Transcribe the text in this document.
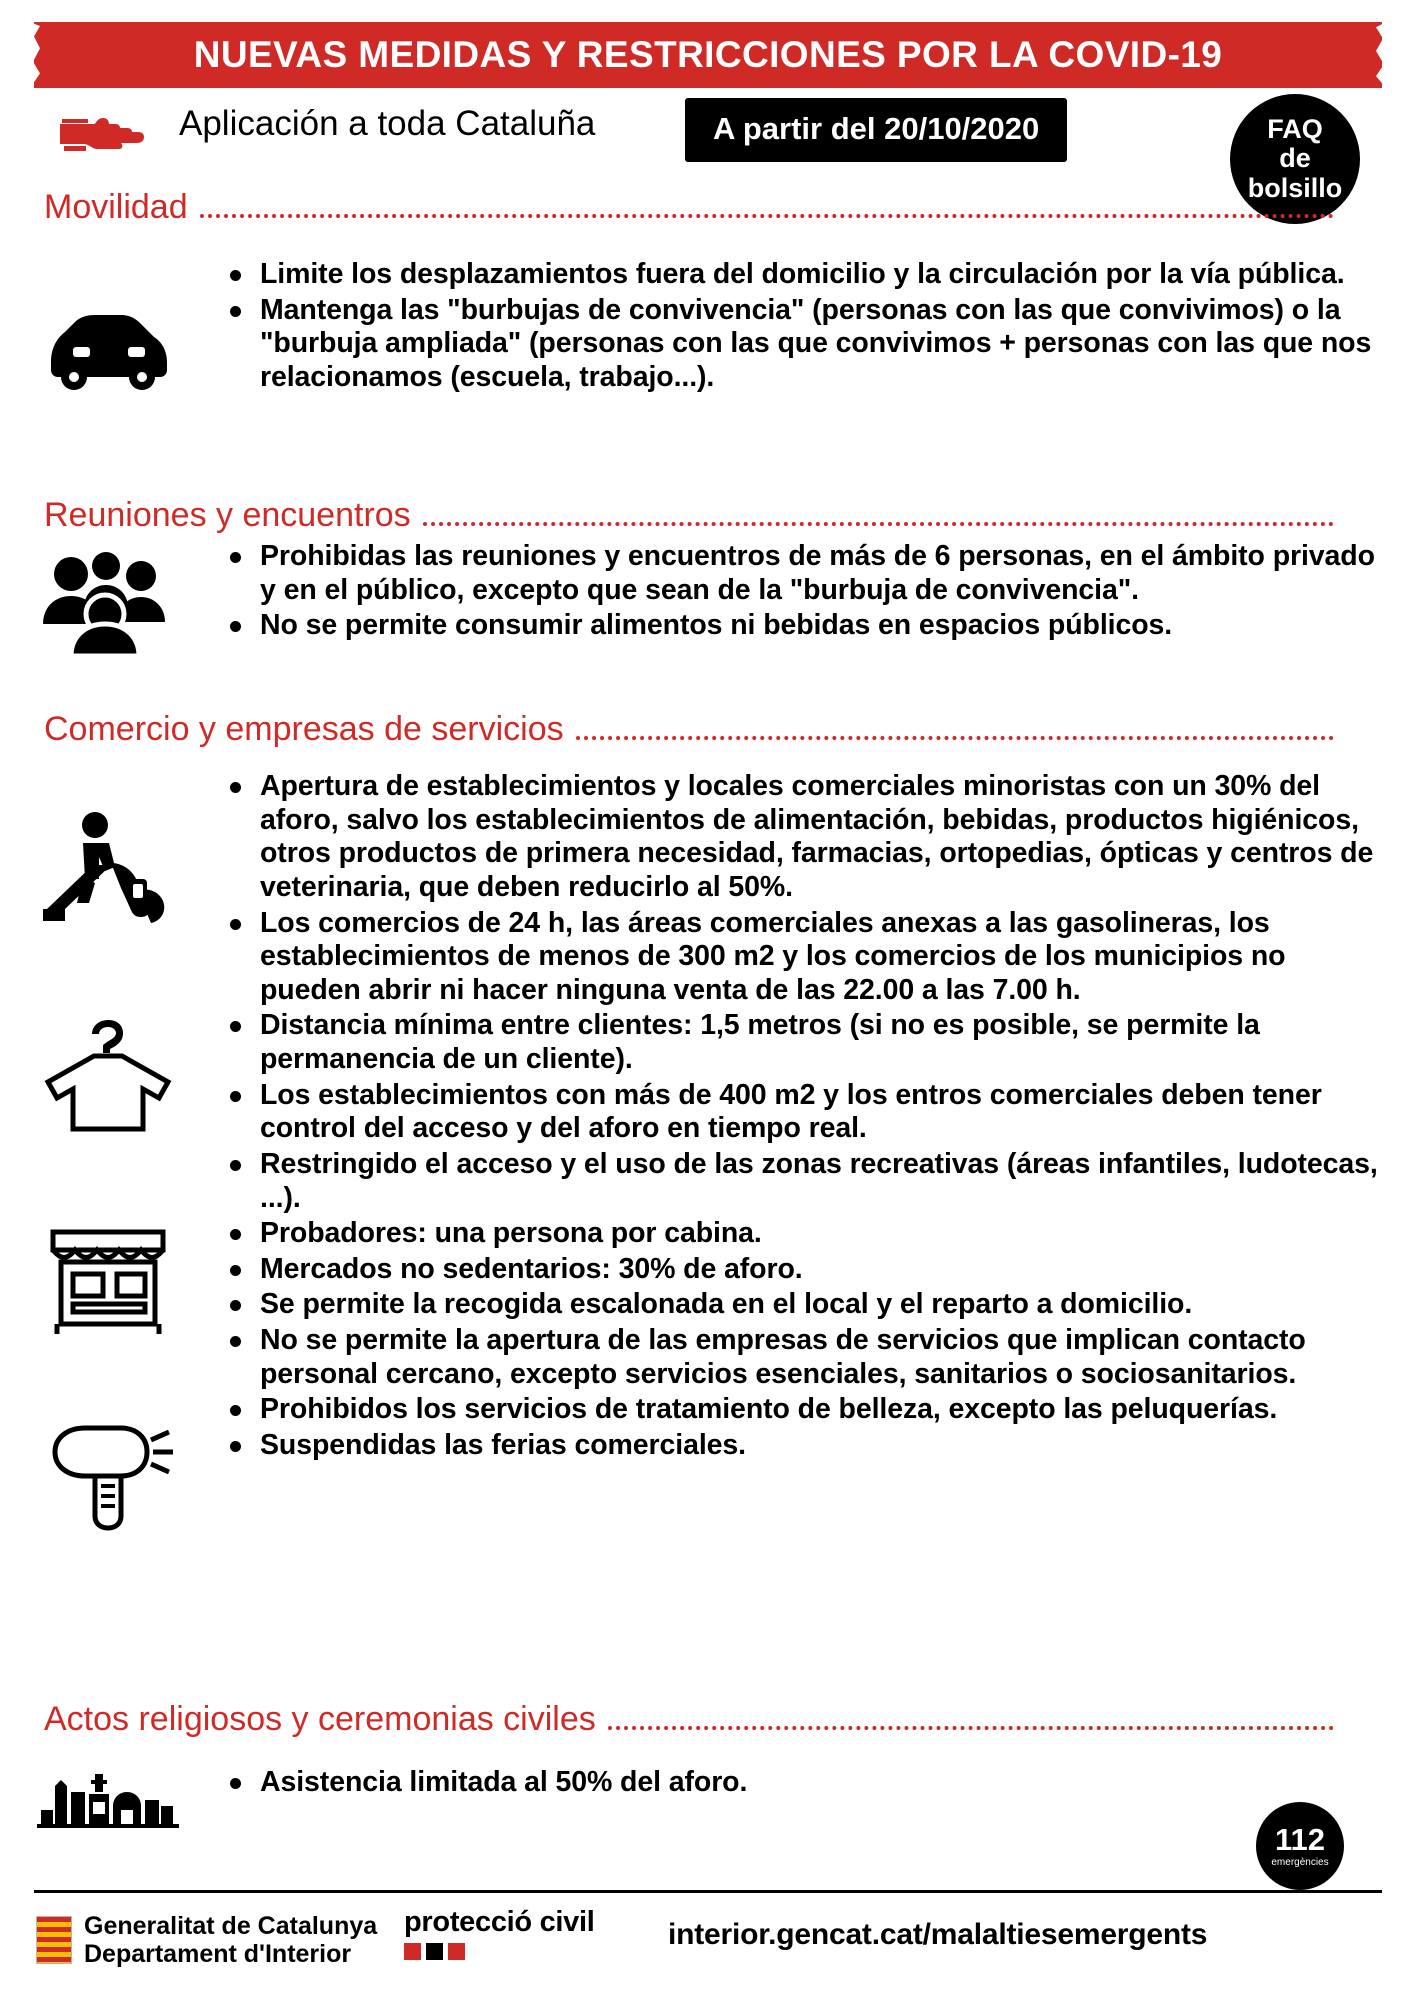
NUEVAS MEDIDAS Y RESTRICCIONES POR LA COVID-19
Aplicación a toda Cataluña	A partir del 20/10/2020	FAQ
de
bolsillo
Movilidad
Limite los desplazamientos fuera del domicilio y la circulación por la vía pública.
Mantenga las "burbujas de convivencia" (personas con las que convivimos) o la "burbuja ampliada" (personas con las que convivimos + personas con las que nos relacionamos (escuela, trabajo...).
Reuniones y encuentros
Prohibidas las reuniones y encuentros de más de 6 personas, en el ámbito privado y en el público, excepto que sean de la "burbuja de convivencia".
No se permite consumir alimentos ni bebidas en espacios públicos.
Comercio y empresas de servicios
Apertura de establecimientos y locales comerciales minoristas con un 30% del aforo, salvo los establecimientos de alimentación, bebidas, productos higiénicos, otros productos de primera necesidad, farmacias, ortopedias, ópticas y centros de veterinaria, que deben reducirlo al 50%.
Los comercios de 24 h, las áreas comerciales anexas a las gasolineras, los establecimientos de menos de 300 m2 y los comercios de los municipios no pueden abrir ni hacer ninguna venta de las 22.00 a las 7.00 h.
Distancia mínima entre clientes: 1,5 metros (si no es posible, se permite la permanencia de un cliente).
Los establecimientos con más de 400 m2 y los entros comerciales deben tener control del acceso y del aforo en tiempo real.
Restringido el acceso y el uso de las zonas recreativas (áreas infantiles, ludotecas, ...).
Probadores: una persona por cabina.
Mercados no sedentarios: 30% de aforo.
Se permite la recogida escalonada en el local y el reparto a domicilio.
No se permite la apertura de las empresas de servicios que implican contacto personal cercano, excepto servicios esenciales, sanitarios o sociosanitarios.
Prohibidos los servicios de tratamiento de belleza, excepto las peluquerías.
Suspendidas las ferias comerciales.
Actos religiosos y ceremonias civiles
Asistencia limitada al 50% del aforo.
112
emergències
Generalitat de Catalunya
Departament d'Interior
protecció civil interior.gencat.cat/malaltiesemergents
